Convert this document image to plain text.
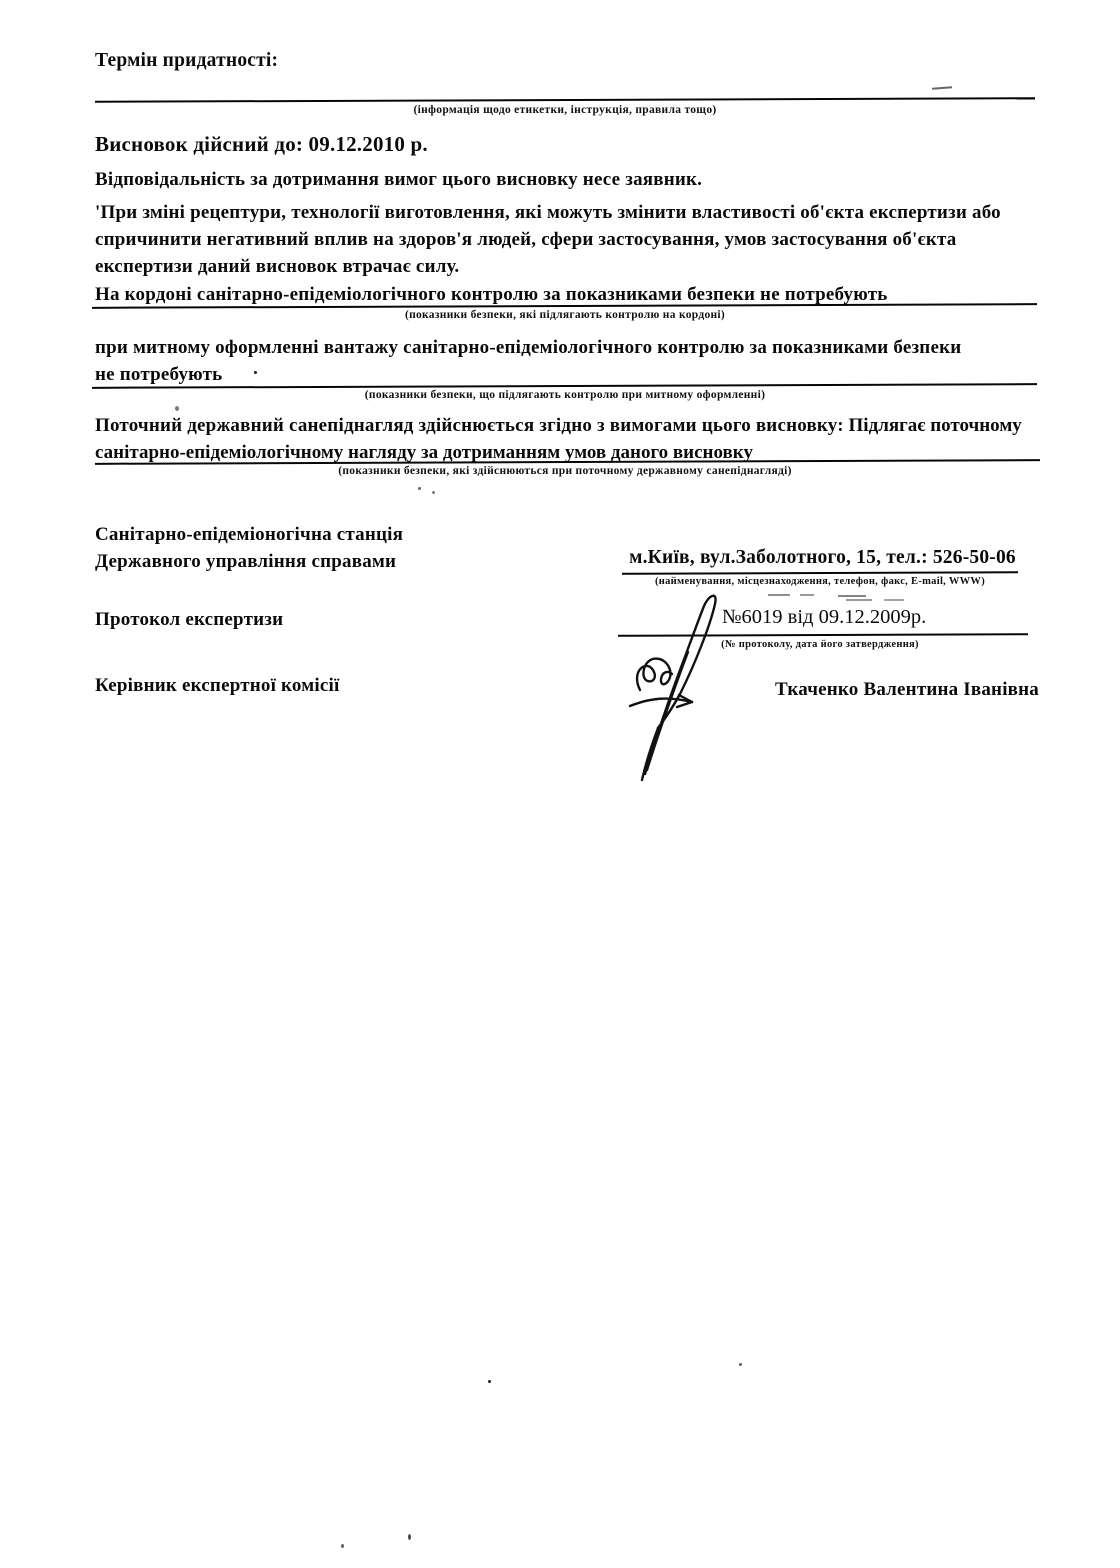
Термін придатності:
(інформація щодо етикетки, інструкція, правила тощо)
Висновок дійсний до: 09.12.2010 р.
Відповідальність за дотримання вимог цього висновку несе заявник.
'При зміні рецептури, технології виготовлення, які можуть змінити властивості об'єкта експертизи або спричинити негативний вплив на здоров'я людей, сфери застосування, умов застосування об'єкта експертизи даний висновок втрачає силу.
На кордоні санітарно-епідеміологічного контролю за показниками безпеки не потребують
(показники безпеки, які підлягають контролю на кордоні)
при митному оформленні вантажу санітарно-епідеміологічного контролю за показниками безпеки не потребують
(показники безпеки, що підлягають контролю при митному оформленні)
Поточний державний санепіднагляд здійснюється згідно з вимогами цього висновку: Підлягає поточному санітарно-епідеміологічному нагляду за дотриманням умов даного висновку
(показники безпеки, які здійснюються при поточному державному санепіднагляді)
Санітарно-епідеміоногічна станція Державного управління справами	м.Київ, вул.Заболотного, 15, тел.: 526-50-06
(найменування, місцезнаходження, телефон, факс, E-mail, WWW)
Протокол експертизи	№6019 від 09.12.2009р.
(№ протоколу, дата його затвердження)
Керівник експертної комісії	Ткаченко Валентина Іванівна
